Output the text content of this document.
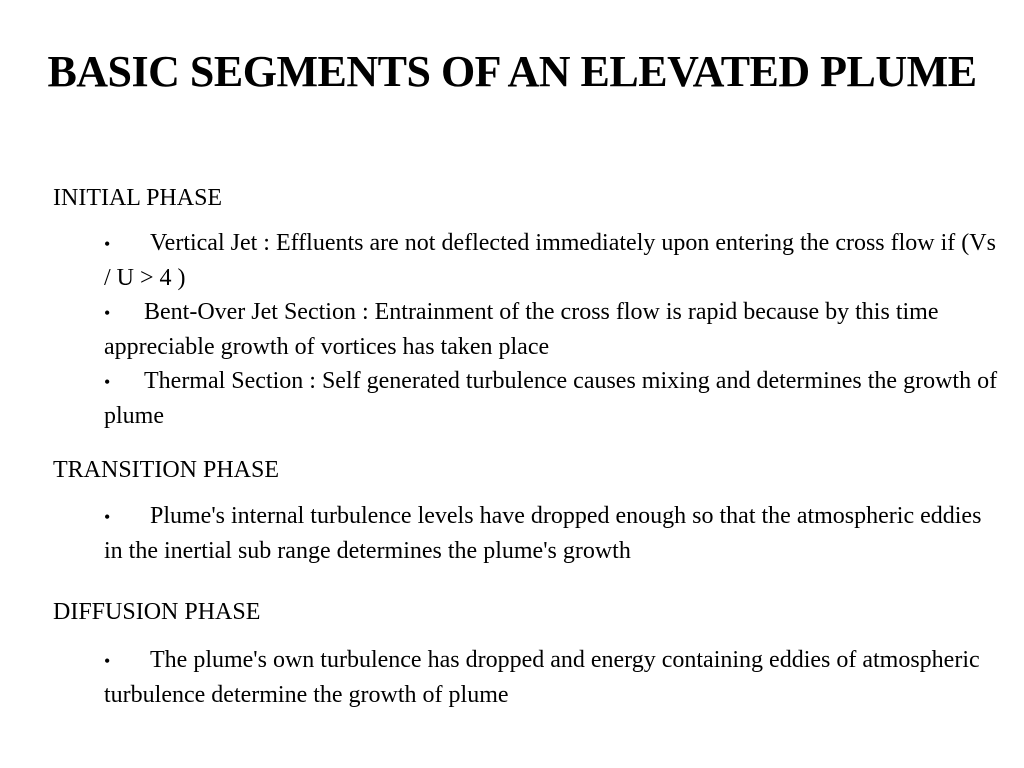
BASIC SEGMENTS OF AN ELEVATED PLUME
INITIAL PHASE
• Vertical Jet : Effluents are not deflected immediately upon entering the cross flow if (Vs / U > 4 )
• Bent-Over Jet Section : Entrainment of the cross flow is rapid because by this time appreciable growth of vortices has taken place
• Thermal Section : Self generated turbulence causes mixing and determines the growth of plume
TRANSITION PHASE
• Plume's internal turbulence levels have dropped enough so that the atmospheric eddies in the inertial sub range determines the plume's growth
DIFFUSION PHASE
• The plume's own turbulence has dropped and energy containing eddies of atmospheric turbulence determine the growth of plume
